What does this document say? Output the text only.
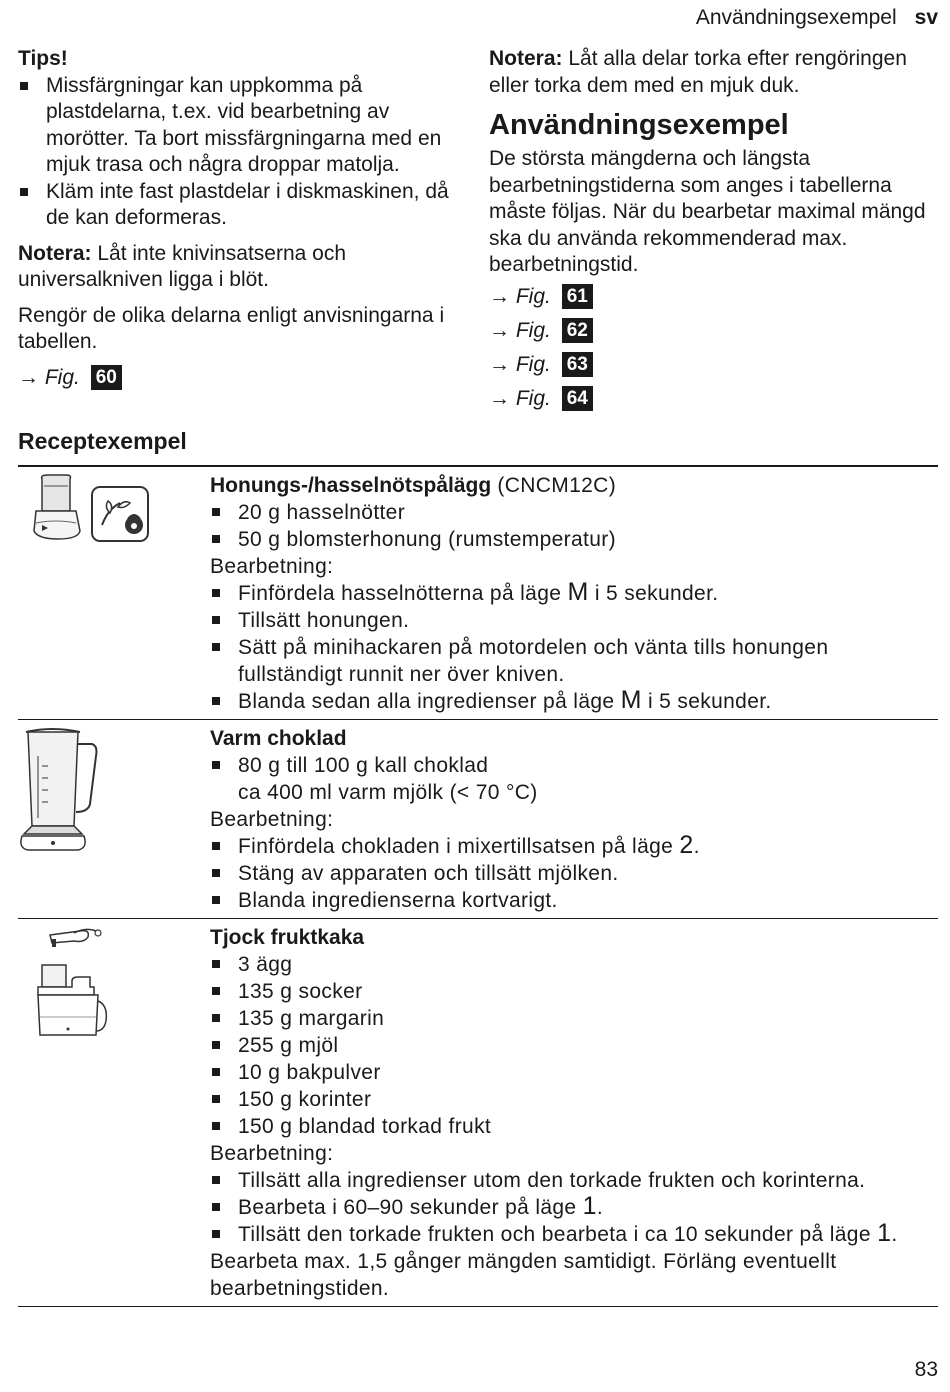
Användningsexempel sv

Tips!

Missfärgningar kan uppkomma på plastdelarna, t.ex. vid bearbetning av morötter. Ta bort missfärgningarna med en mjuk trasa och några droppar matolja.
Kläm inte fast plastdelar i diskmaskinen, då de kan deformeras.

Notera: Låt inte knivinsatserna och universalkniven ligga i blöt.

Rengör de olika delarna enligt anvisningarna i tabellen.

→ Fig. 60

Notera: Låt alla delar torka efter rengöringen eller torka dem med en mjuk duk.

Användningsexempel

De största mängderna och längsta bearbetningstiderna som anges i tabellerna måste följas. När du bearbetar maximal mängd ska du använda rekommenderad max. bearbetningstid.

→ Fig. 61
→ Fig. 62
→ Fig. 63
→ Fig. 64
Receptexempel
Honungs-/hasselnötspålägg (CNCM12C)
20 g hasselnötter
50 g blomsterhonung (rumstemperatur)
Bearbetning:
Finfördela hasselnötterna på läge M i 5 sekunder.
Tillsätt honungen.
Sätt på minihackaren på motordelen och vänta tills honungen fullständigt runnit ner över kniven.
Blanda sedan alla ingredienser på läge M i 5 sekunder.
Varm choklad
80 g till 100 g kall choklad
ca 400 ml varm mjölk (< 70 °C)
Bearbetning:
Finfördela chokladen i mixertillsatsen på läge 2.
Stäng av apparaten och tillsätt mjölken.
Blanda ingredienserna kortvarigt.
Tjock fruktkaka
3 ägg
135 g socker
135 g margarin
255 g mjöl
10 g bakpulver
150 g korinter
150 g blandad torkad frukt
Bearbetning:
Tillsätt alla ingredienser utom den torkade frukten och korinterna.
Bearbeta i 60–90 sekunder på läge 1.
Tillsätt den torkade frukten och bearbeta i ca 10 sekunder på läge 1.
Bearbeta max. 1,5 gånger mängden samtidigt. Förläng eventuellt bearbetningstiden.
83
